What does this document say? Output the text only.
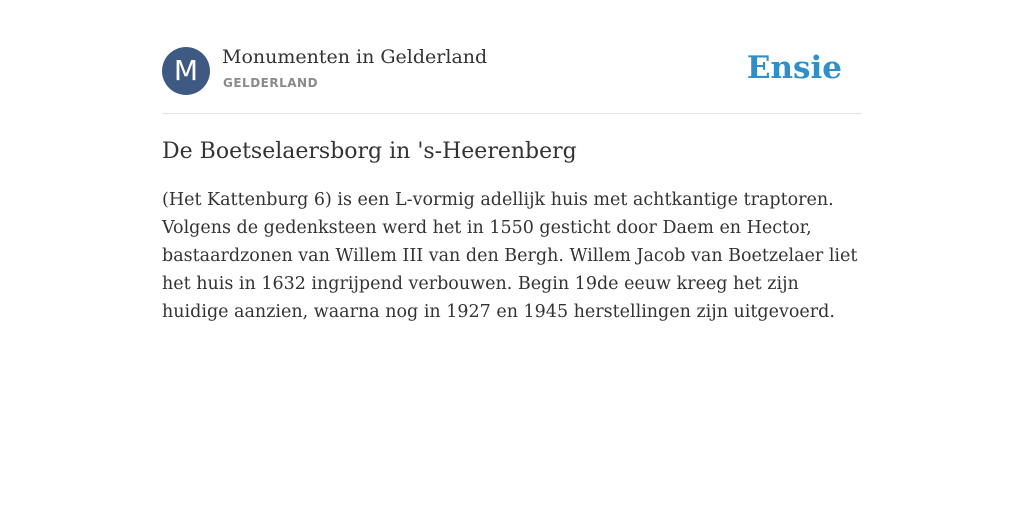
M	Monumenten in Gelderland
GELDERLAND	Ensie
De Boetselaersborg in 's-Heerenberg

(Het Kattenburg 6) is een L-vormig adellijk huis met achtkantige traptoren. Volgens de gedenksteen werd het in 1550 gesticht door Daem en Hector, bastaardzonen van Willem III van den Bergh. Willem Jacob van Boetzelaer liet het huis in 1632 ingrijpend verbouwen. Begin 19de eeuw kreeg het zijn huidige aanzien, waarna nog in 1927 en 1945 herstellingen zijn uitgevoerd.
